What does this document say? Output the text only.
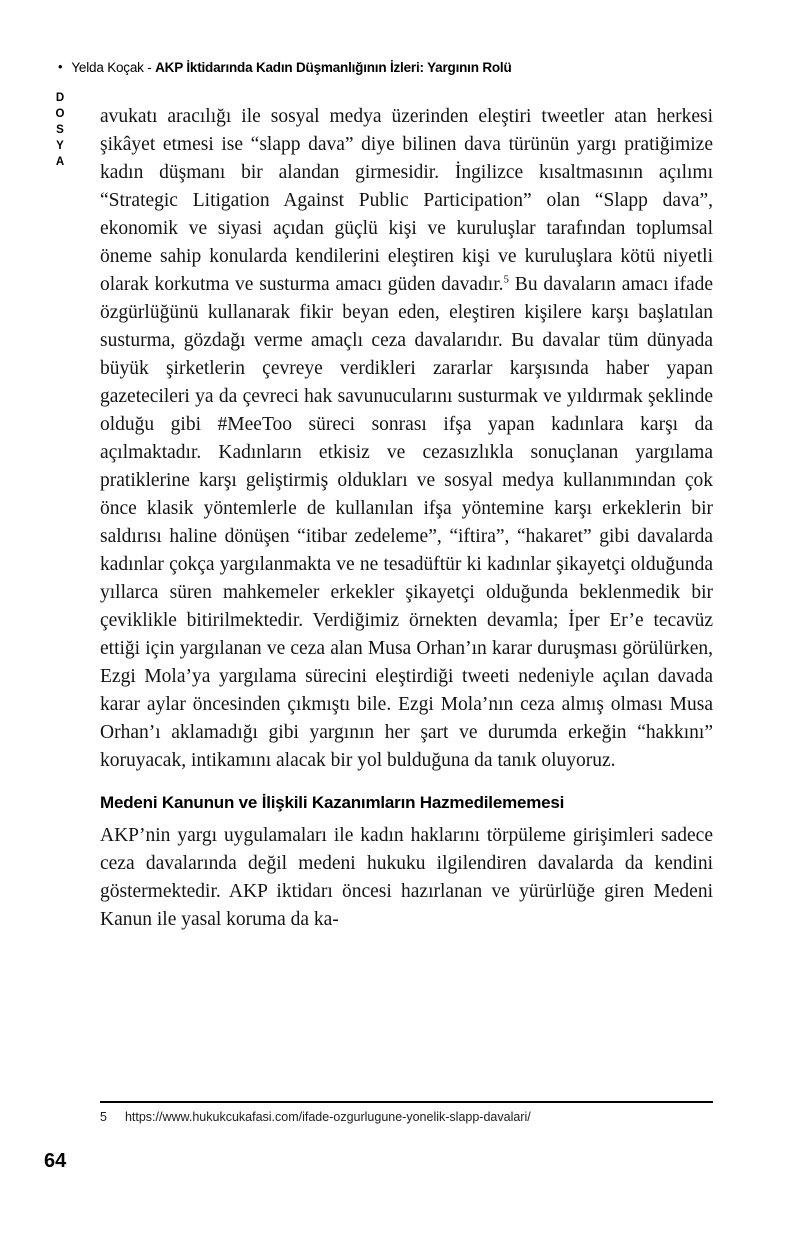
• Yelda Koçak - AKP İktidarında Kadın Düşmanlığının İzleri: Yargının Rolü
DOSYA avukatı aracılığı ile sosyal medya üzerinden eleştiri tweetler atan herkesi şikâyet etmesi ise “slapp dava” diye bilinen dava türünün yargı pratiğimize kadın düşmanı bir alandan girmesidir. İngilizce kısaltmasının açılımı “Strategic Litigation Against Public Participation” olan “Slapp dava”, ekonomik ve siyasi açıdan güçlü kişi ve kuruluşlar tarafından toplumsal öneme sahip konularda kendilerini eleştiren kişi ve kuruluşlara kötü niyetli olarak korkutma ve susturma amacı güden davadır.$^5$ Bu davaların amacı ifade özgürlüğünü kullanarak fikir beyan eden, eleştiren kişilere karşı başlatılan susturma, gözdağı verme amaçlı ceza davalarıdır. Bu davalar tüm dünyada büyük şirketlerin çevreye verdikleri zararlar karşısında haber yapan gazetecileri ya da çevreci hak savunucularını susturmak ve yıldırmak şeklinde olduğu gibi #MeeToo süreci sonrası ifşa yapan kadınlara karşı da açılmaktadır. Kadınların etkisiz ve cezasızlıkla sonuçlanan yargılama pratiklerine karşı geliştirmiş oldukları ve sosyal medya kullanımından çok önce klasik yöntemlerle de kullanılan ifşa yöntemine karşı erkeklerin bir saldırısı haline dönüşen “itibar zedeleme”, “iftira”, “hakaret” gibi davalarda kadınlar çokça yargılanmakta ve ne tesadüftür ki kadınlar şikayetçi olduğunda yıllarca süren mahkemeler erkekler şikayetçi olduğunda beklenmedik bir çeviklikle bitirilmektedir. Verdiğimiz örnekten devamla; İper Er’e tecavüz ettiği için yargılanan ve ceza alan Musa Orhan’ın karar duruşması görülürken, Ezgi Mola’ya yargılama sürecini eleştirdiği tweeti nedeniyle açılan davada karar aylar öncesinden çıkmıştı bile. Ezgi Mola’nın ceza almış olması Musa Orhan’ı aklamadığı gibi yargının her şart ve durumda erkeğin “hakkını” koruyacak, intikamını alacak bir yol bulduğuna da tanık oluyoruz.

Medeni Kanunun ve İlişkili Kazanımların Hazmedilememesi

AKP’nin yargı uygulamaları ile kadın haklarını törpüleme girişimleri sadece ceza davalarında değil medeni hukuku ilgilendiren davalarda da kendini göstermektedir. AKP iktidarı öncesi hazırlanan ve yürürlüğe giren Medeni Kanun ile yasal koruma da ka-

5 https://www.hukukcukafasi.com/ifade-ozgurlugune-yonelik-slapp-davalari/
64
